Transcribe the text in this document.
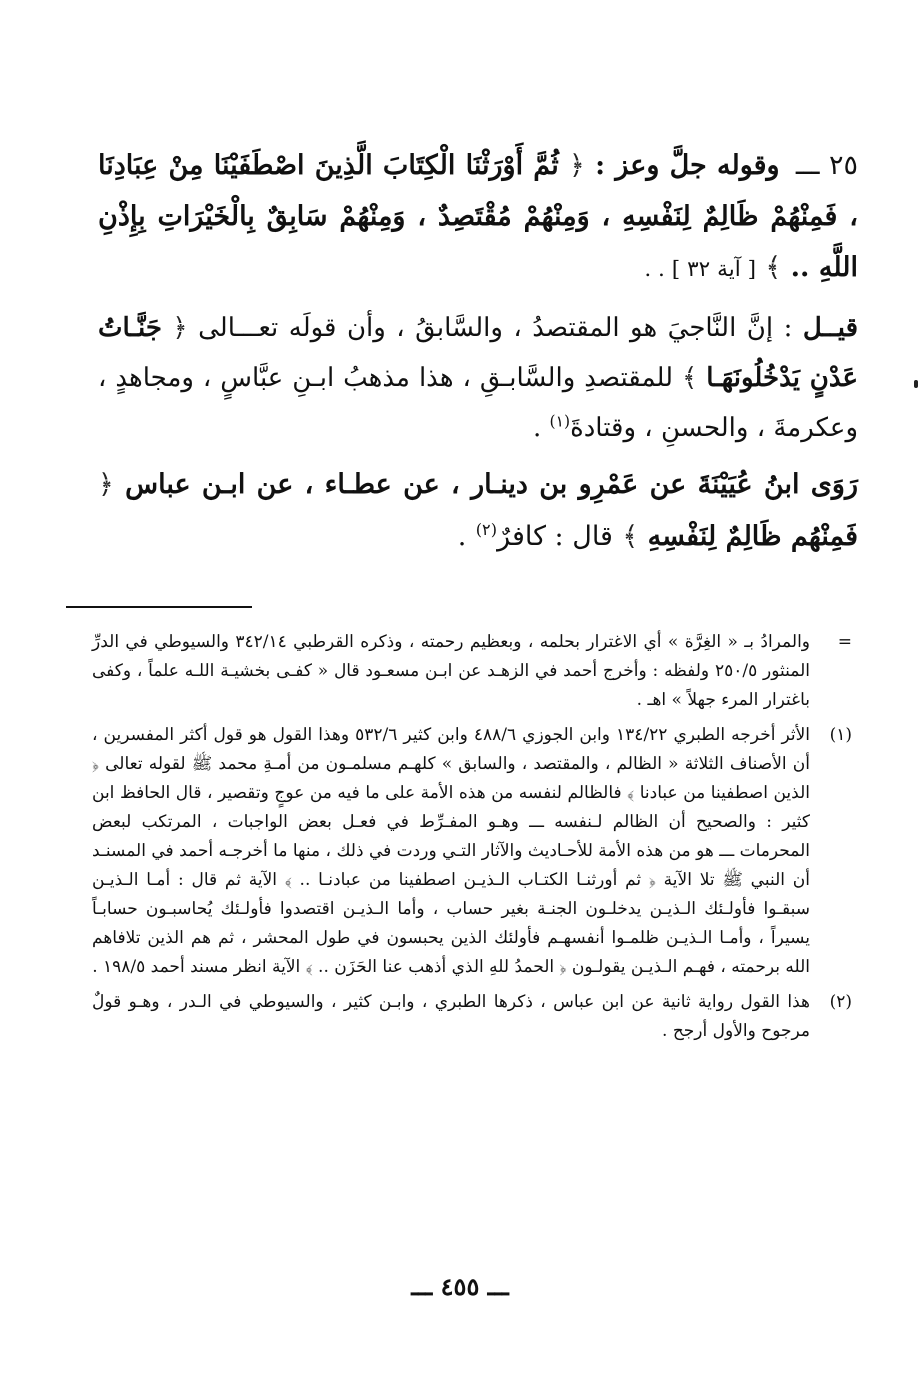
٢٥ ـــ وقوله جلَّ وعز : ﴿ ثُمَّ أَوْرَثْنَا الْكِتَابَ الَّذِينَ اصْطَفَيْنَا مِنْ عِبَادِنَا ، فَمِنْهُمْ ظَالِمٌ لِنَفْسِهِ ، وَمِنْهُمْ مُقْتَصِدٌ ، وَمِنْهُمْ سَابِقٌ بِالْخَيْرَاتِ بِإِذْنِ اللَّهِ .. ﴾ [ آية ٣٢ ] . .

قيــل : إنَّ النَّاجيَ هو المقتصدُ ، والسَّابقُ ، وأن قولَه تعـــالى ﴿ جَنَّـاتُ عَدْنٍ يَدْخُلُونَهَـا ﴾ للمقتصدِ والسَّابـقِ ، هذا مذهبُ ابـنِ عبَّاسٍ ، ومجاهدٍ ، وعكرمةَ ، والحسنِ ، وقتادةَ$^{(١)}$ .

رَوَى ابنُ عُيَيْنَةَ عن عَمْرِو بن دينـار ، عن عطـاء ، عن ابـن عباس ﴿ فَمِنْهُم ظَالِمٌ لِنَفْسِهِ ﴾ قال : كافرٌ$^{(٢)}$ .

=
والمرادُ بـ « الغِرَّة » أي الاغترار بحلمه ، وبعظيم رحمته ، وذكره القرطبي ٣٤٢/١٤ والسيوطي في الدرِّ المنثور ٢٥٠/٥ ولفظه : وأخرج أحمد في الزهـد عن ابـن مسعـود قال « كفـى بخشيـة اللـه علماً ، وكفى باغترار المرء جهلاً » اهـ .

(١)
الأثر أخرجه الطبري ١٣٤/٢٢ وابن الجوزي ٤٨٨/٦ وابن كثير ٥٣٢/٦ وهذا القول هو قول أكثر المفسرين ، أن الأصناف الثلاثة « الظالم ، والمقتصد ، والسابق » كلهـم مسلمـون من أمـةِ محمد ﷺ لقوله تعالى ﴿ الذين اصطفينا من عبادنا ﴾ فالظالم لنفسه من هذه الأمة على ما فيه من عوجٍ وتقصير ، قال الحافظ ابن كثير : والصحيح أن الظالم لـنفسه ـــ وهـو المفـرِّط في فعـل بعض الواجبات ، المرتكب لبعض المحرمات ـــ هو من هذه الأمة للأحـاديث والآثار التـي وردت في ذلك ، منها ما أخرجـه أحمد في المسنـد أن النبي ﷺ تلا الآية ﴿ ثم أورثنـا الكتـاب الـذيـن اصطفينا من عبادنـا .. ﴾ الآية ثم قال : أمـا الـذيـن سبقـوا فأولـئك الـذيـن يدخلـون الجنـة بغير حساب ، وأما الـذيـن اقتصدوا فأولـئك يُحاسبـون حسابـاً يسيراً ، وأمـا الـذيـن ظلمـوا أنفسهـم فأولئك الذين يحبسون في طول المحشر ، ثم هم الذين تلافاهم الله برحمته ، فهـم الـذيـن يقولـون ﴿ الحمدُ للهِ الذي أذهب عنا الحَزَن .. ﴾ الآية انظر مسند أحمد ١٩٨/٥ .

(٢)
هذا القول رواية ثانية عن ابن عباس ، ذكرها الطبري ، وابـن كثير ، والسيوطي في الـدر ، وهـو قولٌ مرجوح والأول أرجح .

ـــ ٤٥٥ ـــ
